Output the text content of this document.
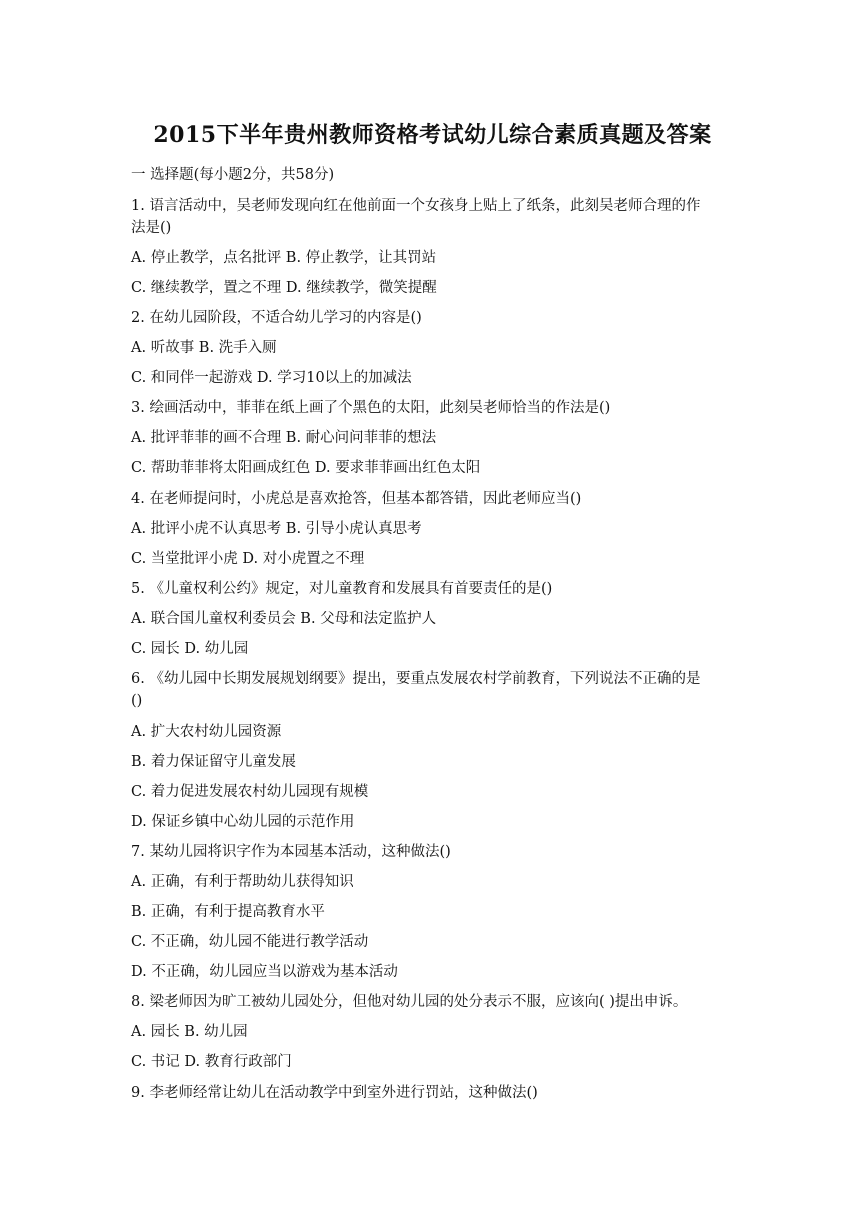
2015下半年贵州教师资格考试幼儿综合素质真题及答案
一 选择题(每小题2分，共58分)
1. 语言活动中，吴老师发现向红在他前面一个女孩身上贴上了纸条，此刻吴老师合理的作
法是()
A. 停止教学，点名批评 B. 停止教学，让其罚站
C. 继续教学，置之不理 D. 继续教学，微笑提醒
2. 在幼儿园阶段，不适合幼儿学习的内容是()
A. 听故事 B. 洗手入厕
C. 和同伴一起游戏 D. 学习10以上的加减法
3. 绘画活动中，菲菲在纸上画了个黑色的太阳，此刻吴老师恰当的作法是()
A. 批评菲菲的画不合理 B. 耐心问问菲菲的想法
C. 帮助菲菲将太阳画成红色 D. 要求菲菲画出红色太阳
4. 在老师提问时，小虎总是喜欢抢答，但基本都答错，因此老师应当()
A. 批评小虎不认真思考 B. 引导小虎认真思考
C. 当堂批评小虎 D. 对小虎置之不理
5. 《儿童权利公约》规定，对儿童教育和发展具有首要责任的是()
A. 联合国儿童权利委员会 B. 父母和法定监护人
C. 园长 D. 幼儿园
6. 《幼儿园中长期发展规划纲要》提出，要重点发展农村学前教育，下列说法不正确的是
()
A. 扩大农村幼儿园资源
B. 着力保证留守儿童发展
C. 着力促进发展农村幼儿园现有规模
D. 保证乡镇中心幼儿园的示范作用
7. 某幼儿园将识字作为本园基本活动，这种做法()
A. 正确，有利于帮助幼儿获得知识
B. 正确，有利于提高教育水平
C. 不正确，幼儿园不能进行教学活动
D. 不正确，幼儿园应当以游戏为基本活动
8. 梁老师因为旷工被幼儿园处分，但他对幼儿园的处分表示不服，应该向( )提出申诉。
A. 园长 B. 幼儿园
C. 书记 D. 教育行政部门
9. 李老师经常让幼儿在活动教学中到室外进行罚站，这种做法()
